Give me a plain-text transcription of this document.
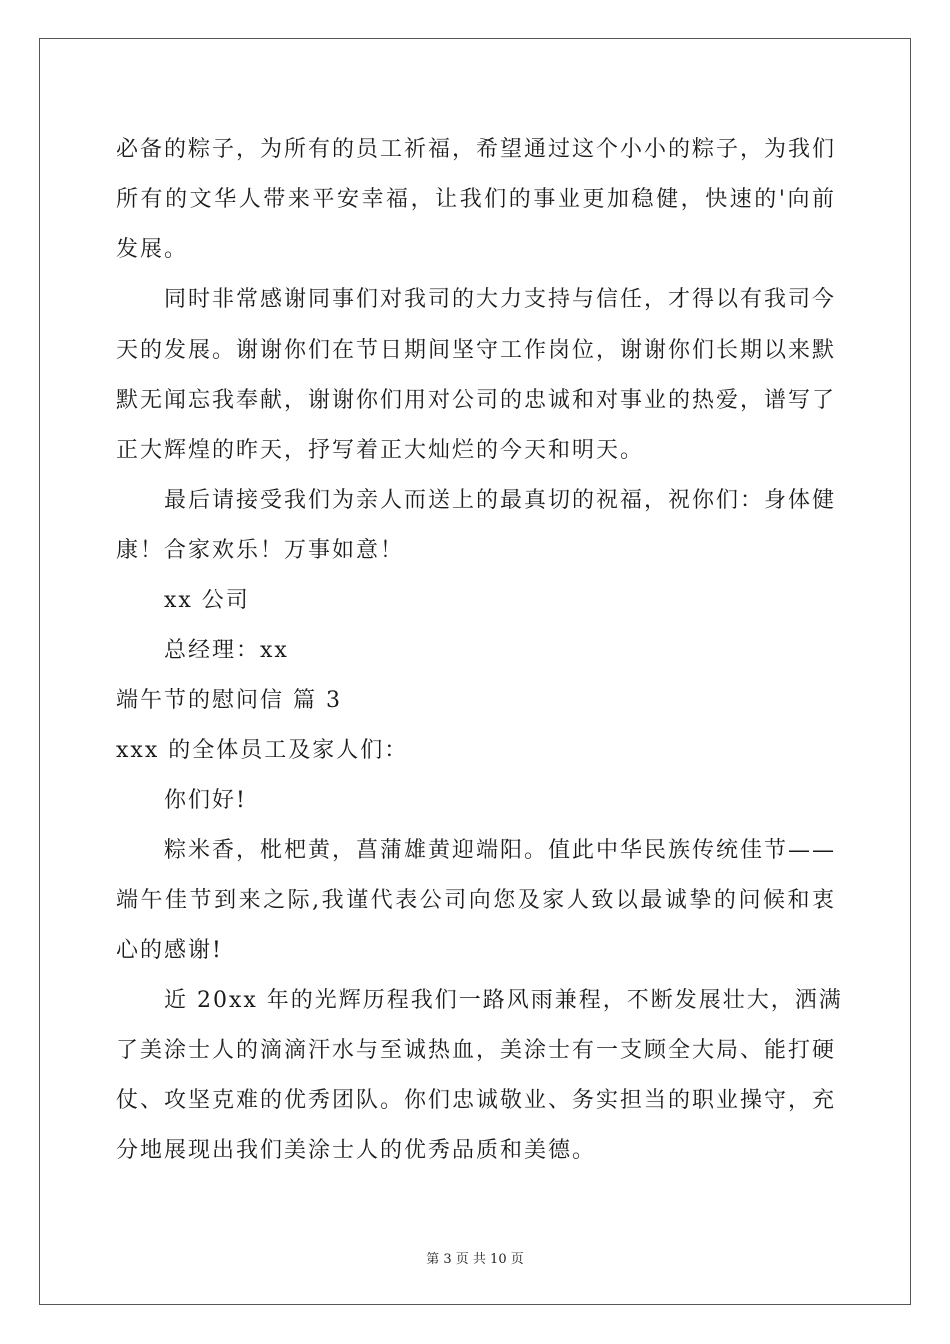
必备的粽子，为所有的员工祈福，希望通过这个小小的粽子，为我们
所有的文华人带来平安幸福，让我们的事业更加稳健，快速的'向前
发展。
同时非常感谢同事们对我司的大力支持与信任，才得以有我司今
天的发展。谢谢你们在节日期间坚守工作岗位，谢谢你们长期以来默
默无闻忘我奉献，谢谢你们用对公司的忠诚和对事业的热爱，谱写了
正大辉煌的昨天，抒写着正大灿烂的今天和明天。
最后请接受我们为亲人而送上的最真切的祝福，祝你们：身体健
康！合家欢乐！万事如意！
xx 公司
总经理：xx
端午节的慰问信 篇 3
xxx 的全体员工及家人们：
你们好!
粽米香，枇杷黄，菖蒲雄黄迎端阳。值此中华民族传统佳节——
端午佳节到来之际,我谨代表公司向您及家人致以最诚挚的问候和衷
心的感谢!
近 20xx 年的光辉历程我们一路风雨兼程，不断发展壮大，洒满
了美涂士人的滴滴汗水与至诚热血，美涂士有一支顾全大局、能打硬
仗、攻坚克难的优秀团队。你们忠诚敬业、务实担当的职业操守，充
分地展现出我们美涂士人的优秀品质和美德。
第 3 页 共 10 页
